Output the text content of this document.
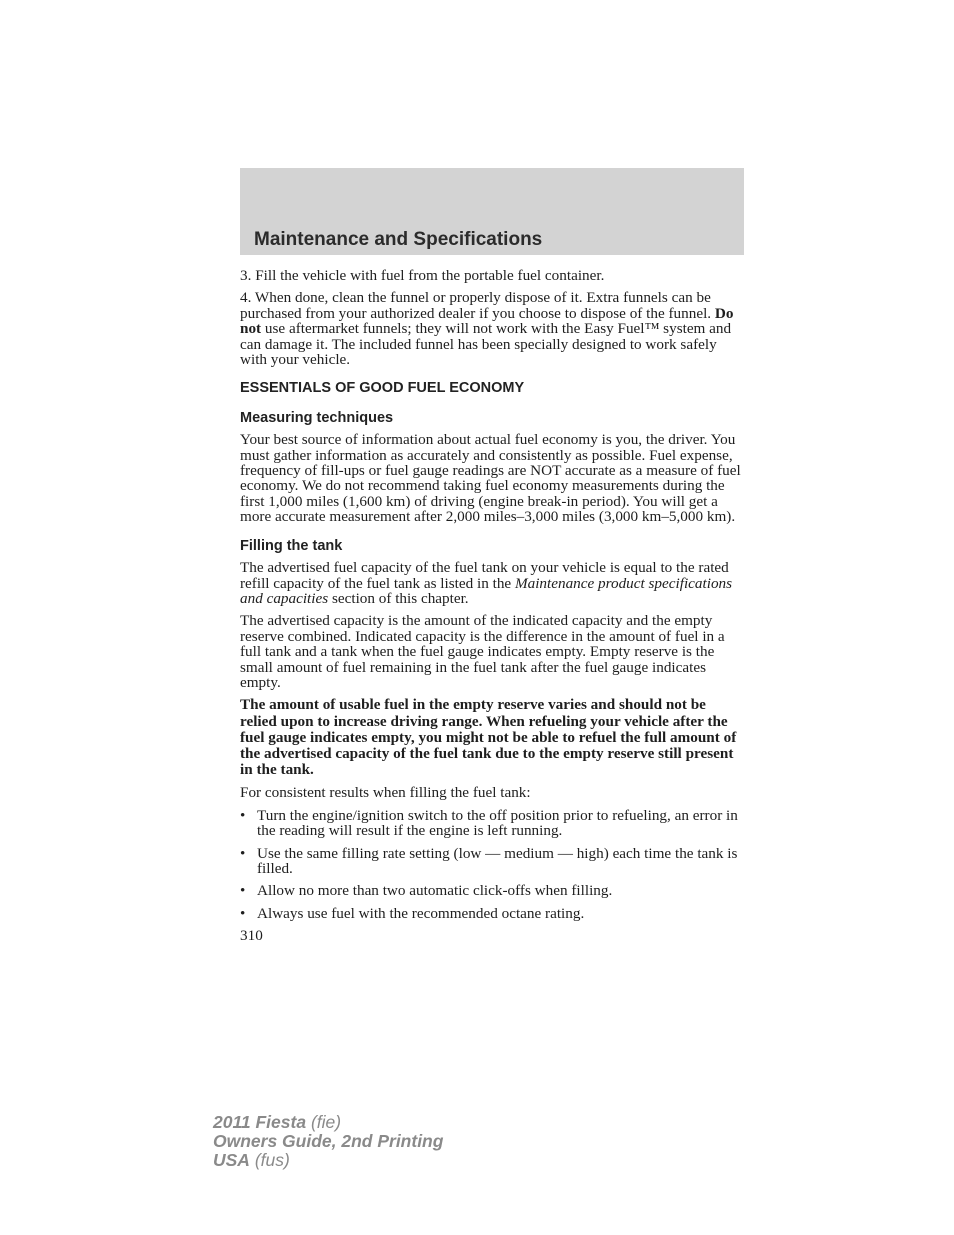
Maintenance and Specifications

3. Fill the vehicle with fuel from the portable fuel container.

4. When done, clean the funnel or properly dispose of it. Extra funnels can be purchased from your authorized dealer if you choose to dispose of the funnel. Do not use aftermarket funnels; they will not work with the Easy Fuel™ system and can damage it. The included funnel has been specially designed to work safely with your vehicle.

ESSENTIALS OF GOOD FUEL ECONOMY
Measuring techniques

Your best source of information about actual fuel economy is you, the driver. You must gather information as accurately and consistently as possible. Fuel expense, frequency of fill-ups or fuel gauge readings are NOT accurate as a measure of fuel economy. We do not recommend taking fuel economy measurements during the first 1,000 miles (1,600 km) of driving (engine break-in period). You will get a more accurate measurement after 2,000 miles–3,000 miles (3,000 km–5,000 km).

Filling the tank

The advertised fuel capacity of the fuel tank on your vehicle is equal to the rated refill capacity of the fuel tank as listed in the Maintenance product specifications and capacities section of this chapter.

The advertised capacity is the amount of the indicated capacity and the empty reserve combined. Indicated capacity is the difference in the amount of fuel in a full tank and a tank when the fuel gauge indicates empty. Empty reserve is the small amount of fuel remaining in the fuel tank after the fuel gauge indicates empty.

The amount of usable fuel in the empty reserve varies and should not be relied upon to increase driving range. When refueling your vehicle after the fuel gauge indicates empty, you might not be able to refuel the full amount of the advertised capacity of the fuel tank due to the empty reserve still present in the tank.

For consistent results when filling the fuel tank:

• Turn the engine/ignition switch to the off position prior to refueling, an error in the reading will result if the engine is left running.
• Use the same filling rate setting (low — medium — high) each time the tank is filled.
• Allow no more than two automatic click-offs when filling.
• Always use fuel with the recommended octane rating.
310
2011 Fiesta (fie)
Owners Guide, 2nd Printing
USA (fus)
